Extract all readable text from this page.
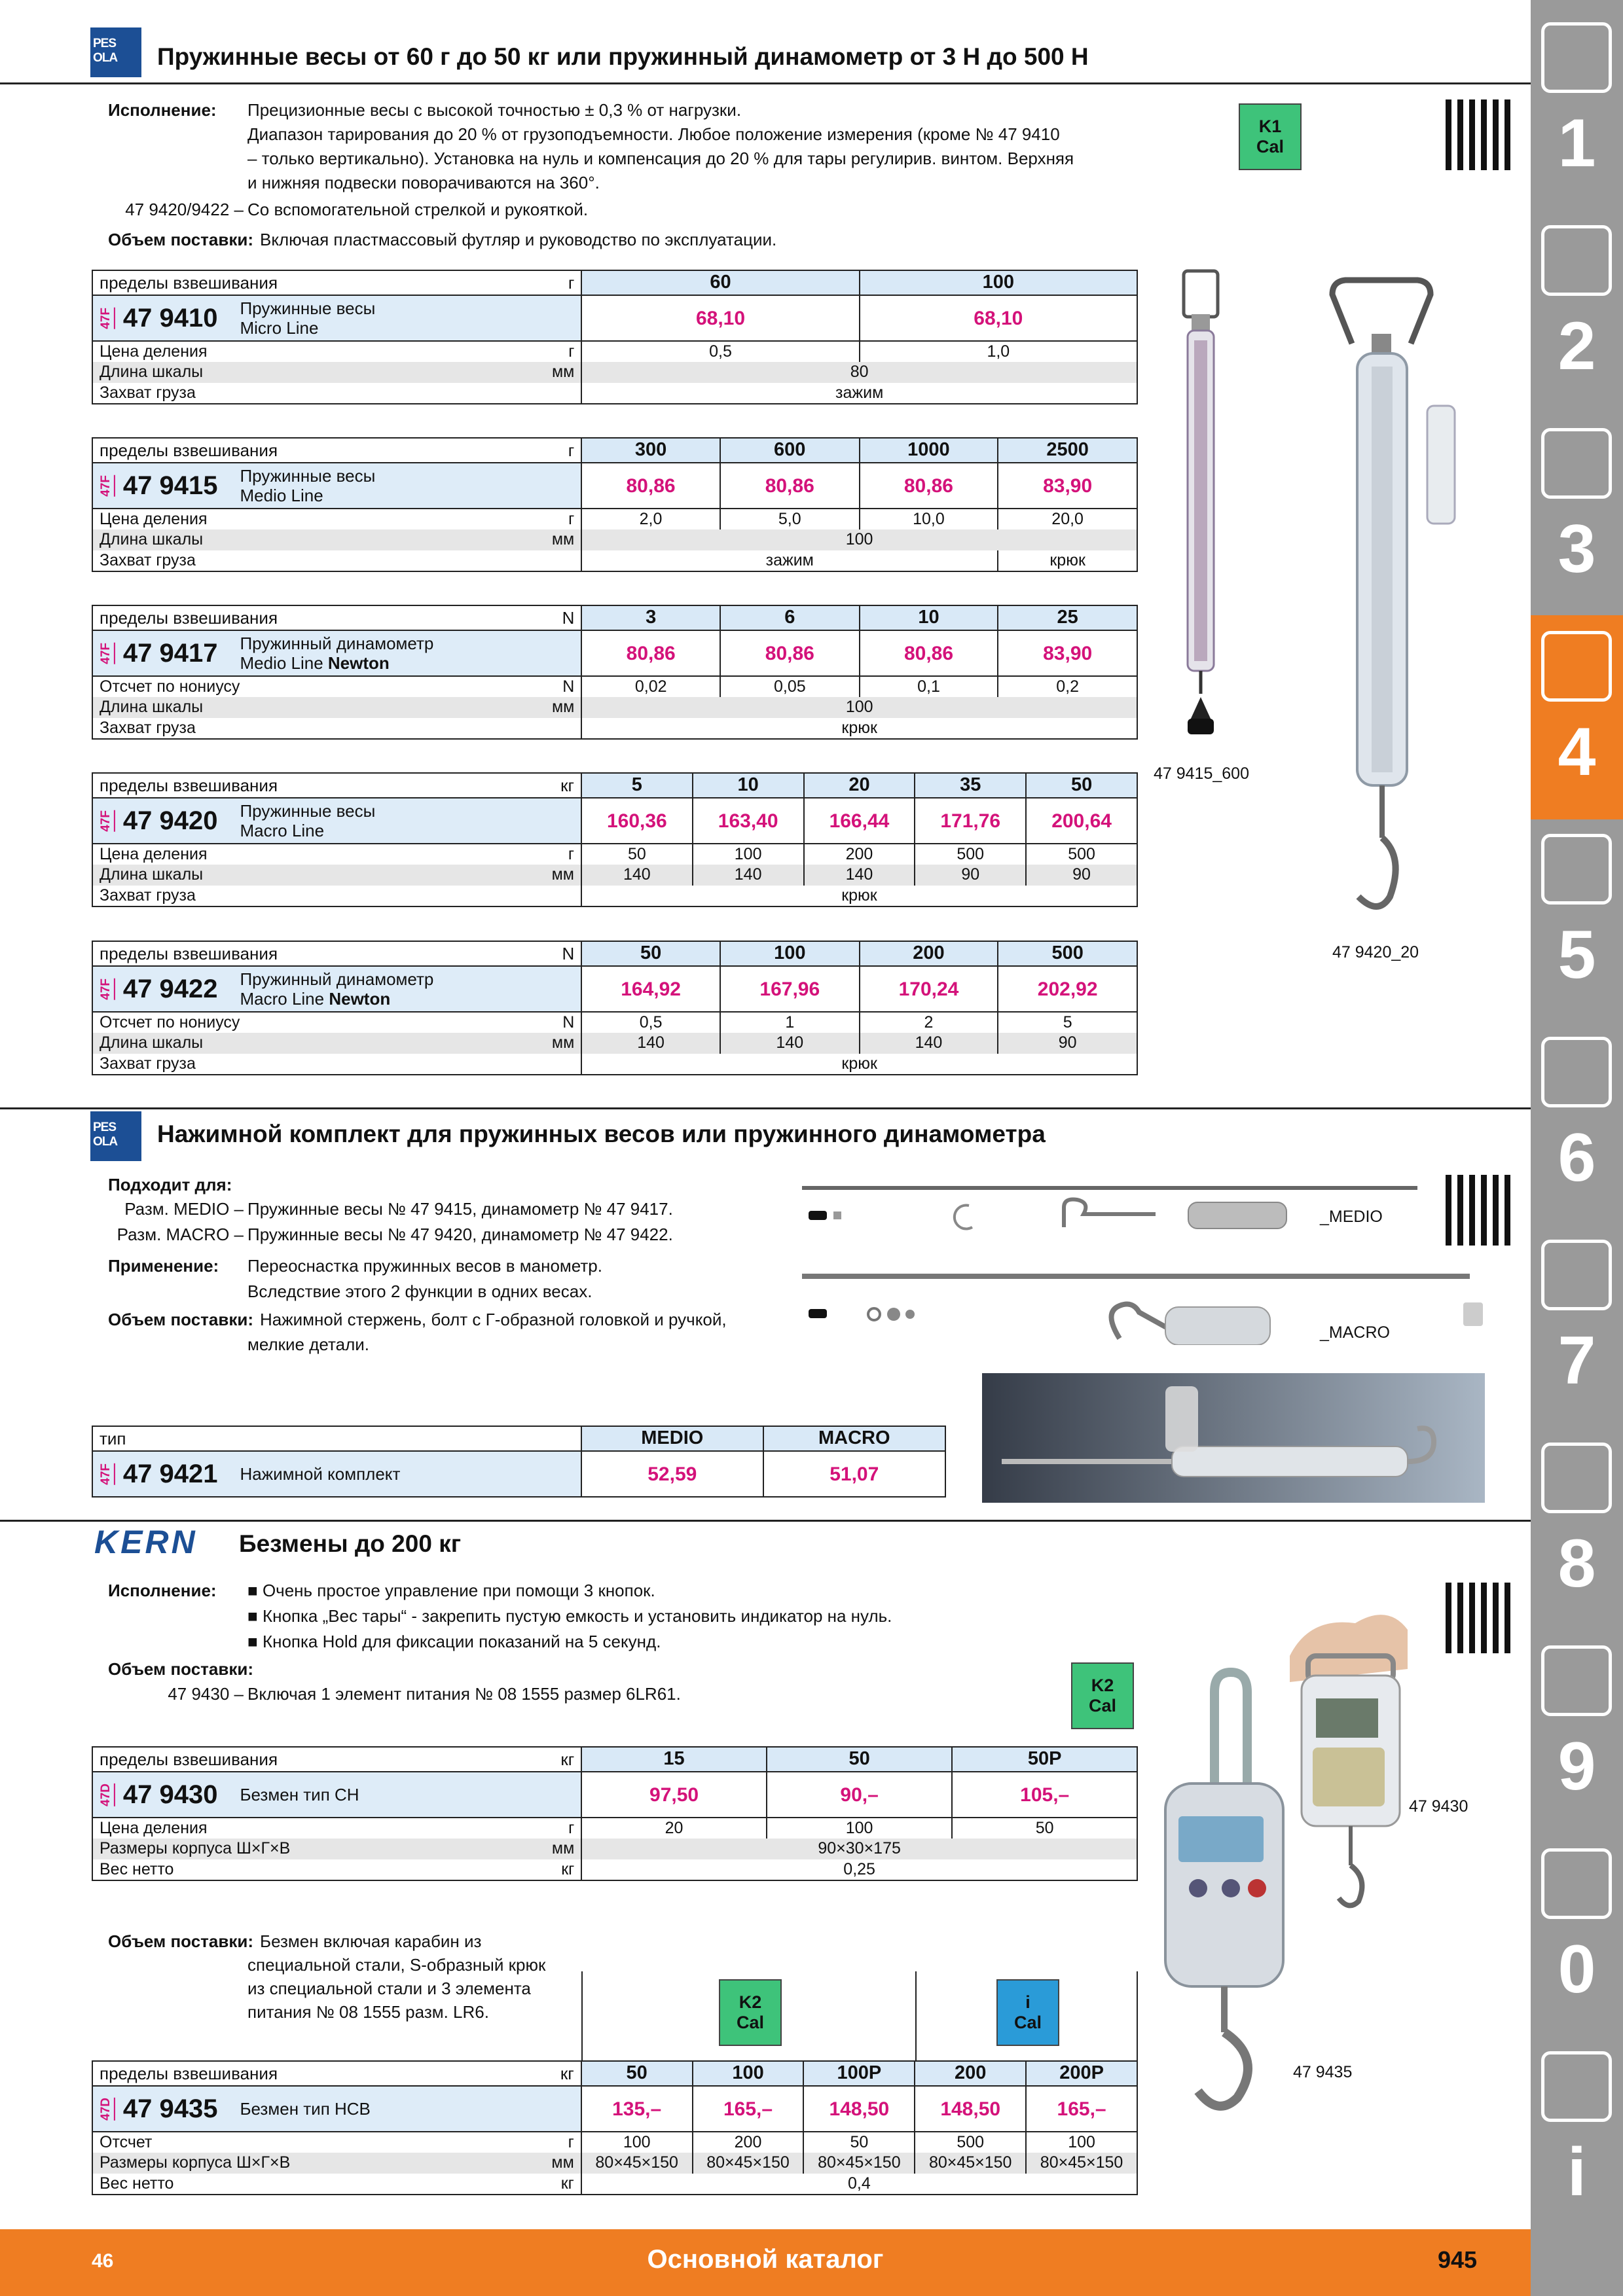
PES OLA	Пружинные весы от 60 г до 50 кг или пружинный динамометр от 3 Н до 500 Н
Исполнение: Прецизионные весы с высокой точностью ± 0,3 % от нагрузки.
Диапазон тарирования до 20 % от грузоподъемности. Любое положение измерения (кроме № 47 9410
– только вертикально). Установка на нуль и компенсация до 20 % для тары регулирив. винтом. Верхняя
и нижняя подвески поворачиваются на 360°.
47 9420/9422 – Со вспомогательной стрелкой и рукояткой.
Объем поставки: Включая пластмассовый футляр и руководство по эксплуатации.
K1
Cal
пределы взвешивания г	60	100

47F 47 9410 Пружинные весы
Micro Line	68,10	68,10

Цена деления г	0,5	1,0

Длина шкалы мм	80	
Захват груза	зажим	
пределы взвешивания г	300	600	1000	2500

47F 47 9415 Пружинные весы
Medio Line	80,86	80,86	80,86	83,90

Цена деления г	2,0	5,0	10,0	20,0

Длина шкалы мм	100			
Захват груза	зажим			крюк
пределы взвешивания N	3	6	10	25

47F 47 9417 Пружинный динамометр
Medio Line Newton	80,86	80,86	80,86	83,90

Отсчет по нониусу N	0,02	0,05	0,1	0,2

Длина шкалы мм	100			
Захват груза	крюк			
пределы взвешивания кг	5	10	20	35	50

47F 47 9420 Пружинные весы
Macro Line	160,36	163,40	166,44	171,76	200,64

Цена деления г	50	100	200	500	500

Длина шкалы мм	140	140	140	90	90
Захват груза	крюк				
пределы взвешивания N	50	100	200	500

47F 47 9422 Пружинный динамометр
Macro Line Newton	164,92	167,96	170,24	202,92

Отсчет по нониусу N	0,5	1	2	5

Длина шкалы мм	140	140	140	90
Захват груза	крюк			
47 9415_600
47 9420_20
PES OLA	Нажимной комплект для пружинных весов или пружинного динамометра
Подходит для:
Разм. MEDIO – Пружинные весы № 47 9415, динамометр № 47 9417.
Разм. MACRO – Пружинные весы № 47 9420, динамометр № 47 9422.
Применение: Переоснастка пружинных весов в манометр.
Вследствие этого 2 функции в одних весах.
Объем поставки: Нажимной стержень, болт с Г-образной головкой и ручкой,
мелкие детали.
_MEDIO
_MACRO
тип	MEDIO	MACRO

47F 47 9421 Нажимной комплект	52,59	51,07
KERN	Безмены до 200 кг
Исполнение: ■ Очень простое управление при помощи 3 кнопок.
■ Кнопка „Вес тары“ - закрепить пустую емкость и установить индикатор на нуль.
■ Кнопка Hold для фиксации показаний на 5 секунд.
Объем поставки:
47 9430 – Включая 1 элемент питания № 08 1555 размер 6LR61.	K2
Cal
пределы взвешивания кг	15	50	50P

47D 47 9430 Безмен тип CH	97,50	90,–	105,–

Цена деления г	20	100	50

Размеры корпуса Ш×Г×В мм	90×30×175		

Вес нетто кг	0,25		
Объем поставки: Безмен включая карабин из
специальной стали, S-образный крюк
из специальной стали и 3 элемента
питания № 08 1555 разм. LR6.	K2
Cal
i
Cal
пределы взвешивания кг	50	100	100P	200	200P

47D 47 9435 Безмен тип HCB	135,–	165,–	148,50	148,50	165,–

Отсчет г	100	200	50	500	100

Размеры корпуса Ш×Г×В мм	80×45×150	80×45×150	80×45×150	80×45×150	80×45×150

Вес нетто кг	0,4				
47 9430
47 9435
1
2
3
4
5
6
7
8
9
0
i
46	Основной каталог	945
